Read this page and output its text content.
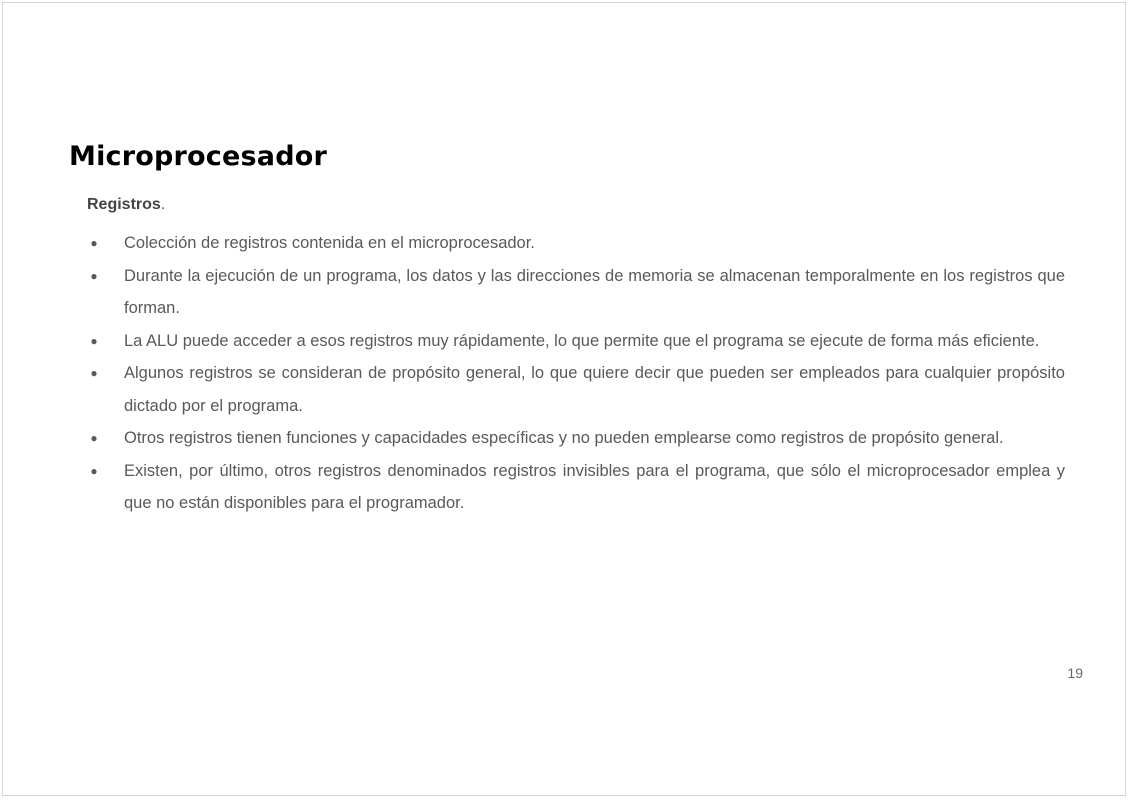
Microprocesador

Registros.

● Colección de registros contenida en el microprocesador.
● Durante la ejecución de un programa, los datos y las direcciones de memoria se almacenan temporalmente en los registros que forman.
● La ALU puede acceder a esos registros muy rápidamente, lo que permite que el programa se ejecute de forma más eficiente.
● Algunos registros se consideran de propósito general, lo que quiere decir que pueden ser empleados para cualquier propósito dictado por el programa.
● Otros registros tienen funciones y capacidades específicas y no pueden emplearse como registros de propósito general.
● Existen, por último, otros registros denominados registros invisibles para el programa, que sólo el microprocesador emplea y que no están disponibles para el programador.
19
